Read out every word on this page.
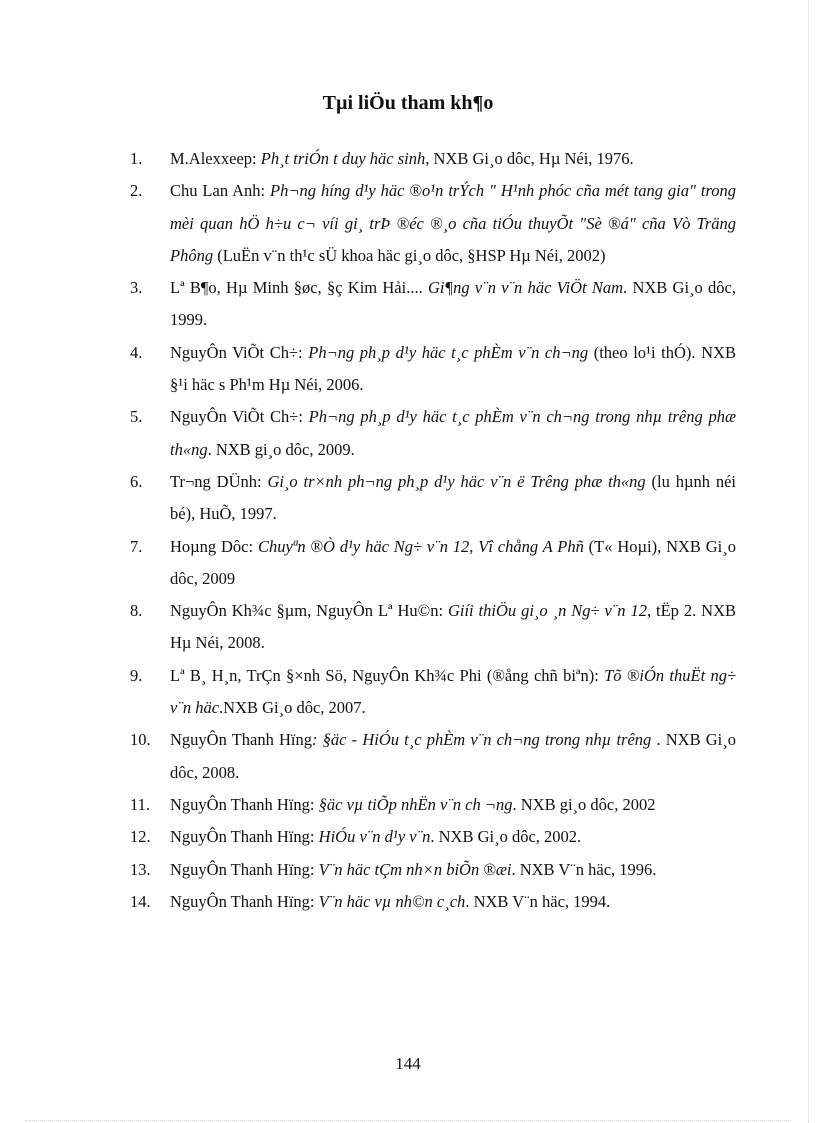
Tµi liÖu tham kh¶o
1.	M.Alexxeep: Ph¸t triÓn t duy häc sinh, NXB Gi¸o dôc, Hµ Néi, 1976.
2.	Chu Lan Anh: Ph¬ng híng d¹y häc ®o¹n trÝch " H¹nh phóc cña mét tang gia" trong mèi quan hÖ h÷u c¬ víi gi¸ trÞ ®éc ®¸o cña tiÓu thuyÕt "Sè ®á" cña Vò Träng Phông (LuËn v¨n th¹c sÜ khoa häc gi¸o dôc, §HSP Hµ Néi, 2002)
3.	Lª B¶o, Hµ Minh §øc, §ç Kim Hải.... Gi¶ng v¨n v¨n häc ViÖt Nam. NXB Gi¸o dôc, 1999.
4.	NguyÔn ViÕt Ch÷: Ph¬ng ph¸p d¹y häc t¸c phÈm v¨n ch¬ng (theo lo¹i thÓ). NXB §¹i häc s Ph¹m Hµ Néi, 2006.
5.	NguyÔn ViÕt Ch÷: Ph¬ng ph¸p d¹y häc t¸c phÈm v¨n ch¬ng trong nhµ trêng phæ th«ng. NXB gi¸o dôc, 2009.
6.	Tr¬ng DÜnh: Gi¸o tr×nh ph¬ng ph¸p d¹y häc v¨n ë Trêng phæ th«ng (lu hµnh néi bé), HuÕ, 1997.
7.	Hoµng Dôc: Chuyªn ®Ò d¹y häc Ng÷ v¨n 12, Vî chång A Phñ (T« Hoµi), NXB Gi¸o dôc, 2009
8.	NguyÔn Kh¾c §µm, NguyÔn Lª Hu©n: Giíi thiÖu gi¸o ¸n Ng÷ v¨n 12, tËp 2. NXB Hµ Néi, 2008.
9.	Lª B¸ H¸n, TrÇn §×nh Sö, NguyÔn Kh¾c Phi (®ång chñ biªn): Tõ ®iÓn thuËt ng÷ v¨n häc.NXB Gi¸o dôc, 2007.
10.	NguyÔn Thanh Hïng: §äc - HiÓu t¸c phÈm v¨n ch¬ng trong nhµ trêng . NXB Gi¸o dôc, 2008.
11.	NguyÔn Thanh Hïng: §äc vµ tiÕp nhËn v¨n ch ¬ng. NXB gi¸o dôc, 2002
12.	NguyÔn Thanh Hïng: HiÓu v¨n d¹y v¨n. NXB Gi¸o dôc, 2002.
13.	NguyÔn Thanh Hïng: V¨n häc tÇm nh×n biÕn ®æi. NXB V¨n häc, 1996.
14.	NguyÔn Thanh Hïng: V¨n häc vµ nh©n c¸ch. NXB V¨n häc, 1994.
144
